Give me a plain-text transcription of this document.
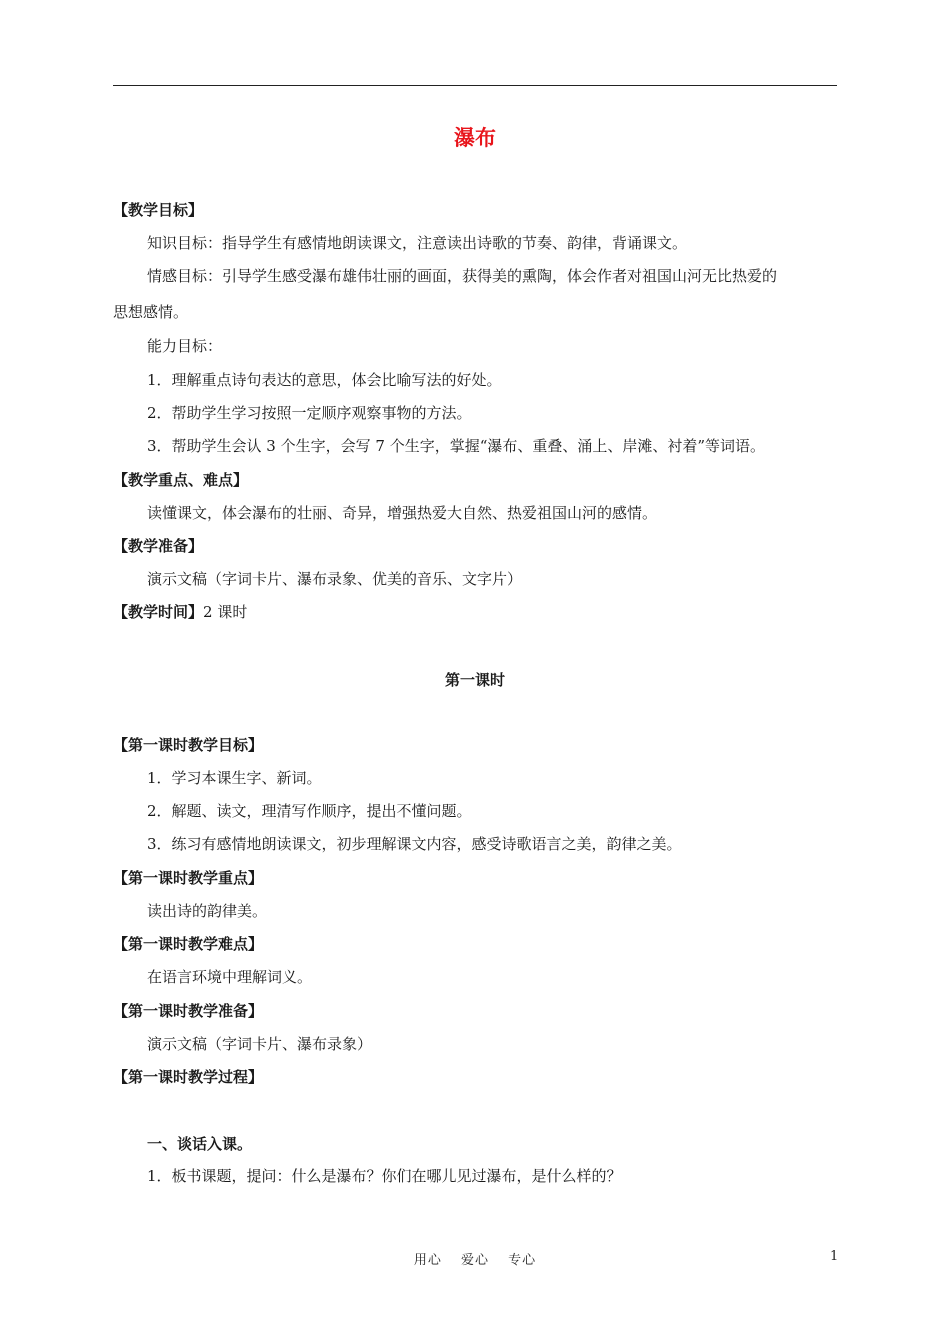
瀑布
【教学目标】
知识目标：指导学生有感情地朗读课文，注意读出诗歌的节奏、韵律，背诵课文。
情感目标：引导学生感受瀑布雄伟壮丽的画面，获得美的熏陶，体会作者对祖国山河无比热爱的
思想感情。
能力目标：
1．理解重点诗句表达的意思，体会比喻写法的好处。
2．帮助学生学习按照一定顺序观察事物的方法。
3．帮助学生会认 3 个生字，会写 7 个生字，掌握“瀑布、重叠、涌上、岸滩、衬着”等词语。
【教学重点、难点】
读懂课文，体会瀑布的壮丽、奇异，增强热爱大自然、热爱祖国山河的感情。
【教学准备】
演示文稿（字词卡片、瀑布录象、优美的音乐、文字片）
【教学时间】2 课时
第一课时
【第一课时教学目标】
1．学习本课生字、新词。
2．解题、读文，理清写作顺序，提出不懂问题。
3．练习有感情地朗读课文，初步理解课文内容，感受诗歌语言之美，韵律之美。
【第一课时教学重点】
读出诗的韵律美。
【第一课时教学难点】
在语言环境中理解词义。
【第一课时教学准备】
演示文稿（字词卡片、瀑布录象）
【第一课时教学过程】
一、谈话入课。
1．板书课题，提问：什么是瀑布？你们在哪儿见过瀑布，是什么样的？
用心　 爱心　 专心	1
